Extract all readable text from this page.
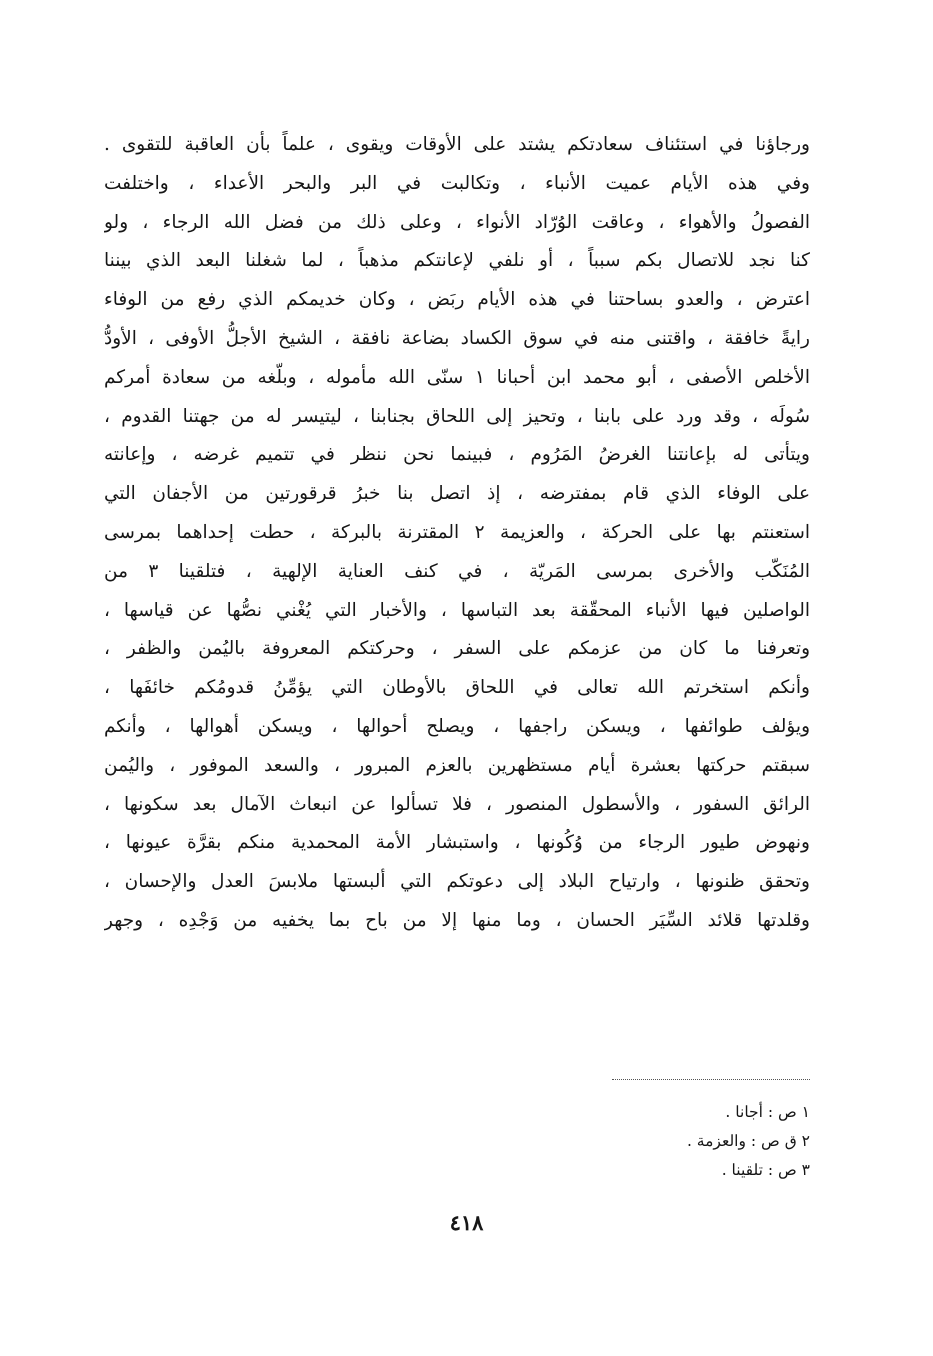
ورجاؤنا في استئناف سعادتكم يشتد على الأوقات ويقوى ، علماً بأن العاقبة للتقوى .
وفي هذه الأيام عميت الأنباء ، وتكالبت في البر والبحر الأعداء ، واختلفت
الفصولُ والأهواء ، وعاقت الوُرّاد الأنواء ، وعلى ذلك من فضل الله الرجاء ، ولو
كنا نجد للاتصال بكم سبباً ، أو نلفي لإعانتكم مذهباً ، لما شغلنا البعد الذي بيننا
اعترض ، والعدو بساحتنا في هذه الأيام ربَض ، وكان خديمكم الذي رفع من الوفاء
رايةً خافقة ، واقتنى منه في سوق الكساد بضاعة نافقة ، الشيخ الأجلُّ الأوفى ، الأودُّ
الأخلص الأصفى ، أبو محمد ابن أحبانا ١ سنّى الله مأموله ، وبلّغه من سعادة أمركم
سُولَه ، وقد ورد على بابنا ، وتحيز إلى اللحاق بجنابنا ، ليتيسر له من جهتنا القدوم ،
ويتأتى له بإعانتنا الغرضُ المَرُوم ، فبينما نحن ننظر في تتميم غرضه ، وإعانته
على الوفاء الذي قام بمفترضه ، إذ اتصل بنا خبرُ قرقورتين من الأجفان التي
استعنتم بها على الحركة ، والعزيمة ٢ المقترنة بالبركة ، حطت إحداهما بمرسى
المُنَكّب والأخرى بمرسى المَريّة ، في كنف العناية الإلهية ، فتلقينا ٣ من
الواصلين فيها الأنباء المحقّقة بعد التباسها ، والأخبار التي يُغْني نصُّها عن قياسها ،
وتعرفنا ما كان من عزمكم على السفر ، وحركتكم المعروفة باليُمن والظفر ،
وأنكم استخرتم الله تعالى في اللحاق بالأوطان التي يؤمِّنُ قدومُكم خائفَها ،
ويؤلف طوائفها ، ويسكن راجفها ، ويصلح أحوالها ، ويسكن أهوالها ، وأنكم
سبقتم حركتها بعشرة أيام مستظهرين بالعزم المبرور ، والسعد الموفور ، واليُمن
الرائق السفور ، والأسطول المنصور ، فلا تسألوا عن انبعاث الآمال بعد سكونها ،
ونهوض طيور الرجاء من وُكُونها ، واستبشار الأمة المحمدية منكم بقرَّة عيونها ،
وتحقق ظنونها ، وارتياح البلاد إلى دعوتكم التي ألبستها ملابسَ العدل والإحسان ،
وقلدتها قلائد السِّيَر الحسان ، وما منها إلا من باح بما يخفيه من وَجْدِه ، وجهر
١ ص : أجانا .
٢ ق ص : والعزمة .
٣ ص : تلقينا .
٤١٨
